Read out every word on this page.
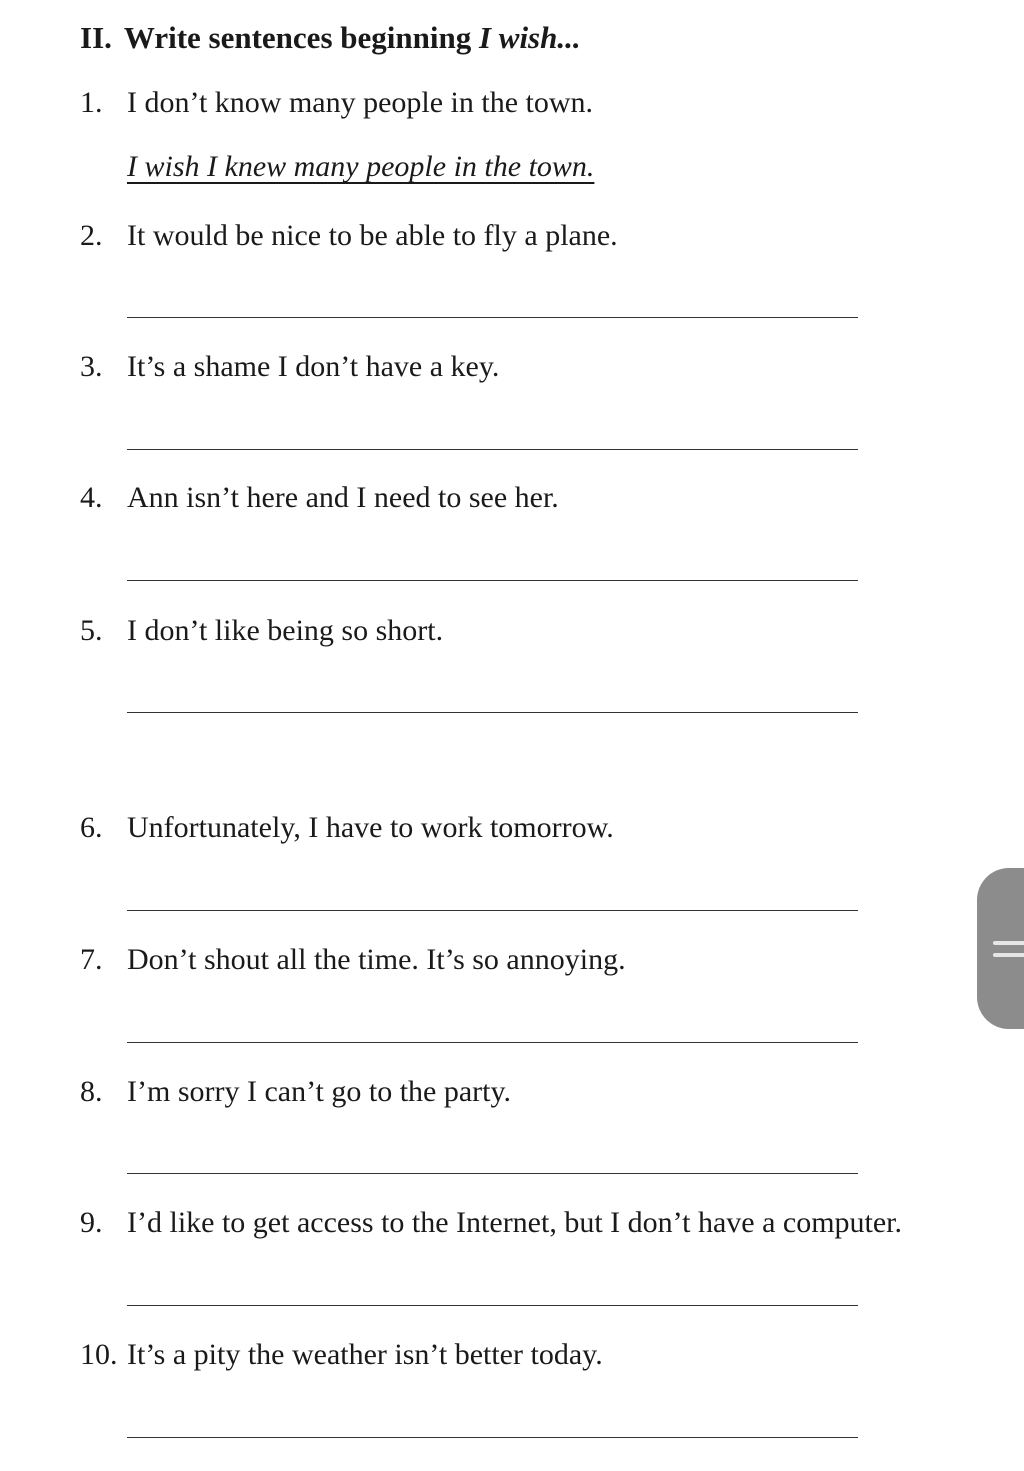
II. Write sentences beginning I wish...
1. I don’t know many people in the town.
I wish I knew many people in the town.
2. It would be nice to be able to fly a plane.
3. It’s a shame I don’t have a key.
4. Ann isn’t here and I need to see her.
5. I don’t like being so short.
6. Unfortunately, I have to work tomorrow.
7. Don’t shout all the time. It’s so annoying.
8. I’m sorry I can’t go to the party.
9. I’d like to get access to the Internet, but I don’t have a computer.
10. It’s a pity the weather isn’t better today.
